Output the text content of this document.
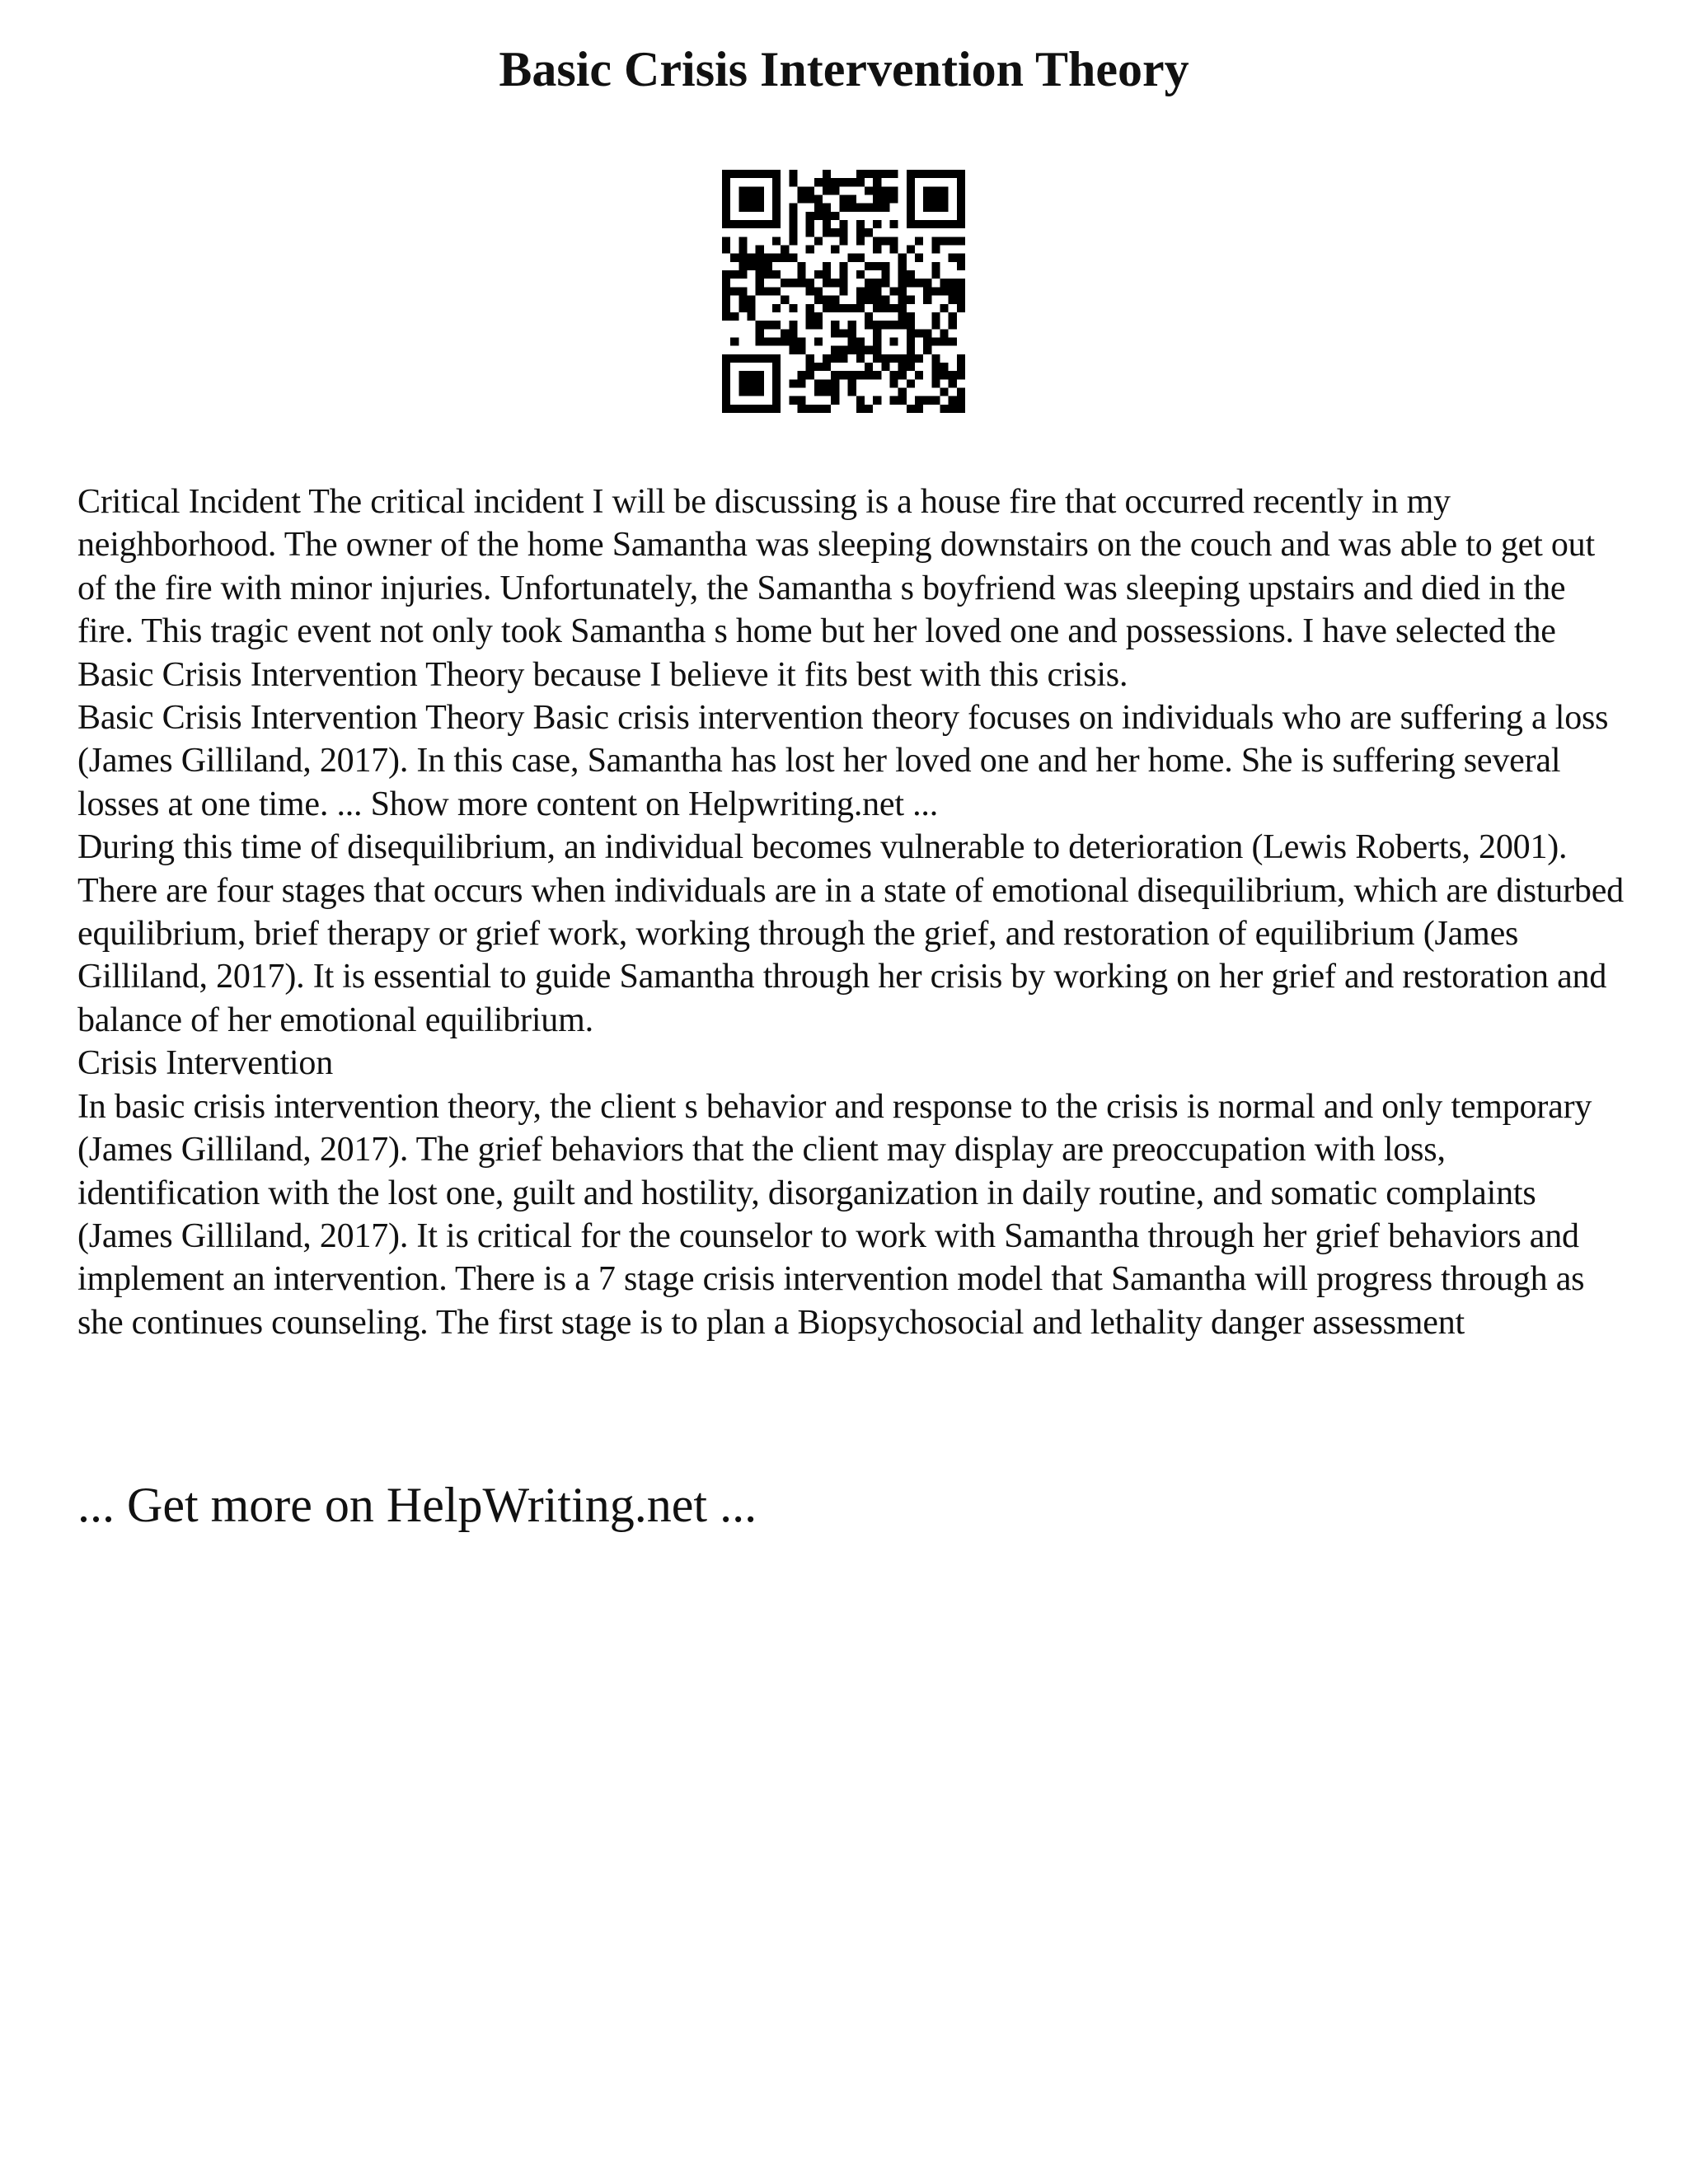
Basic Crisis Intervention Theory

Critical Incident The critical incident I will be discussing is a house fire that occurred recently in my neighborhood. The owner of the home Samantha was sleeping downstairs on the couch and was able to get out of the fire with minor injuries. Unfortunately, the Samantha s boyfriend was sleeping upstairs and died in the fire. This tragic event not only took Samantha s home but her loved one and possessions. I have selected the Basic Crisis Intervention Theory because I believe it fits best with this crisis.

Basic Crisis Intervention Theory Basic crisis intervention theory focuses on individuals who are suffering a loss (James Gilliland, 2017). In this case, Samantha has lost her loved one and her home. She is suffering several losses at one time. ... Show more content on Helpwriting.net ...

During this time of disequilibrium, an individual becomes vulnerable to deterioration (Lewis Roberts, 2001). There are four stages that occurs when individuals are in a state of emotional disequilibrium, which are disturbed equilibrium, brief therapy or grief work, working through the grief, and restoration of equilibrium (James Gilliland, 2017). It is essential to guide Samantha through her crisis by working on her grief and restoration and balance of her emotional equilibrium.

Crisis Intervention

In basic crisis intervention theory, the client s behavior and response to the crisis is normal and only temporary (James Gilliland, 2017). The grief behaviors that the client may display are preoccupation with loss, identification with the lost one, guilt and hostility, disorganization in daily routine, and somatic complaints (James Gilliland, 2017). It is critical for the counselor to work with Samantha through her grief behaviors and implement an intervention. There is a 7 stage crisis intervention model that Samantha will progress through as she continues counseling. The first stage is to plan a Biopsychosocial and lethality danger assessment

... Get more on HelpWriting.net ...
